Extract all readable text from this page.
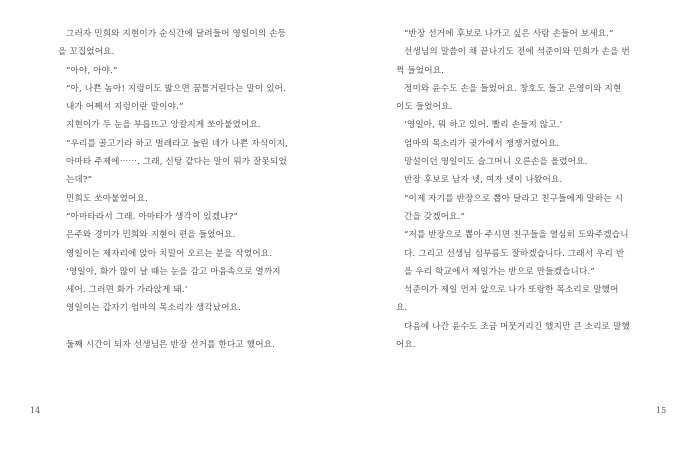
그러자 민희와 지현이가 순식간에 달려들어 영일이의 손등
을 꼬집었어요.
“아야, 아야.”
“아, 나쁜 놈아! 지렁이도 밟으면 꿈틀거린다는 말이 있어.
내가 어째서 지렁이란 말이야.”
지현이가 두 눈을 부릅뜨고 앙칼지게 쏘아붙였어요.
“우리를 골고기라 하고 벌레라고 놀린 네가 나쁜 자식이지,
아마타 주제에⋯⋯. 그래, 신탕 같다는 말이 뭐가 잘못되었
는데?”
민희도 쏘아붙였어요.
“아마타라서 그래. 아마타가 생각이 있겠냐?”
은주와 경미가 민희와 지현이 편을 들었어요.
영일이는 제자리에 앉아 치밀어 오르는 분을 삭였어요.
‘영일아, 화가 많이 날 때는 눈을 감고 마음속으로 열까지
세어. 그러면 화가 가라앉게 돼.’
영일이는 갑자기 엄마의 목소리가 생각났어요.
둘째 시간이 되자 선생님은 반장 선거를 한다고 했어요.
14
“반장 선거에 후보로 나가고 싶은 사람 손들어 보세요.”
선생님의 말씀이 채 끝나기도 전에 석준이와 민희가 손을 번
쩍 들었어요.
정미와 윤수도 손을 들었어요. 창호도 들고 은영이와 지현
이도 들었어요.
‘영일아, 뭐 하고 있어. 빨리 손들지 않고.’
엄마의 목소리가 귓가에서 쟁쟁거렸어요.
망설이던 영일이도 슬그머니 오른손을 올렸어요.
반장 후보로 남자 넷, 여자 넷이 나왔어요.
“이제 자기를 반장으로 뽑아 달라고 친구들에게 말하는 시
간을 갖겠어요.”
“저를 반장으로 뽑아 주시면 친구들을 열심히 도와주겠습니
다. 그리고 선생님 심부름도 잘하겠습니다. 그래서 우리 반
을 우리 학교에서 제일가는 반으로 만들겠습니다.”
석준이가 제일 먼저 앞으로 나가 또랑한 목소리로 말했어
요.
다음에 나간 윤수도 조금 머뭇거리긴 했지만 큰 소리로 말했
어요.
15
